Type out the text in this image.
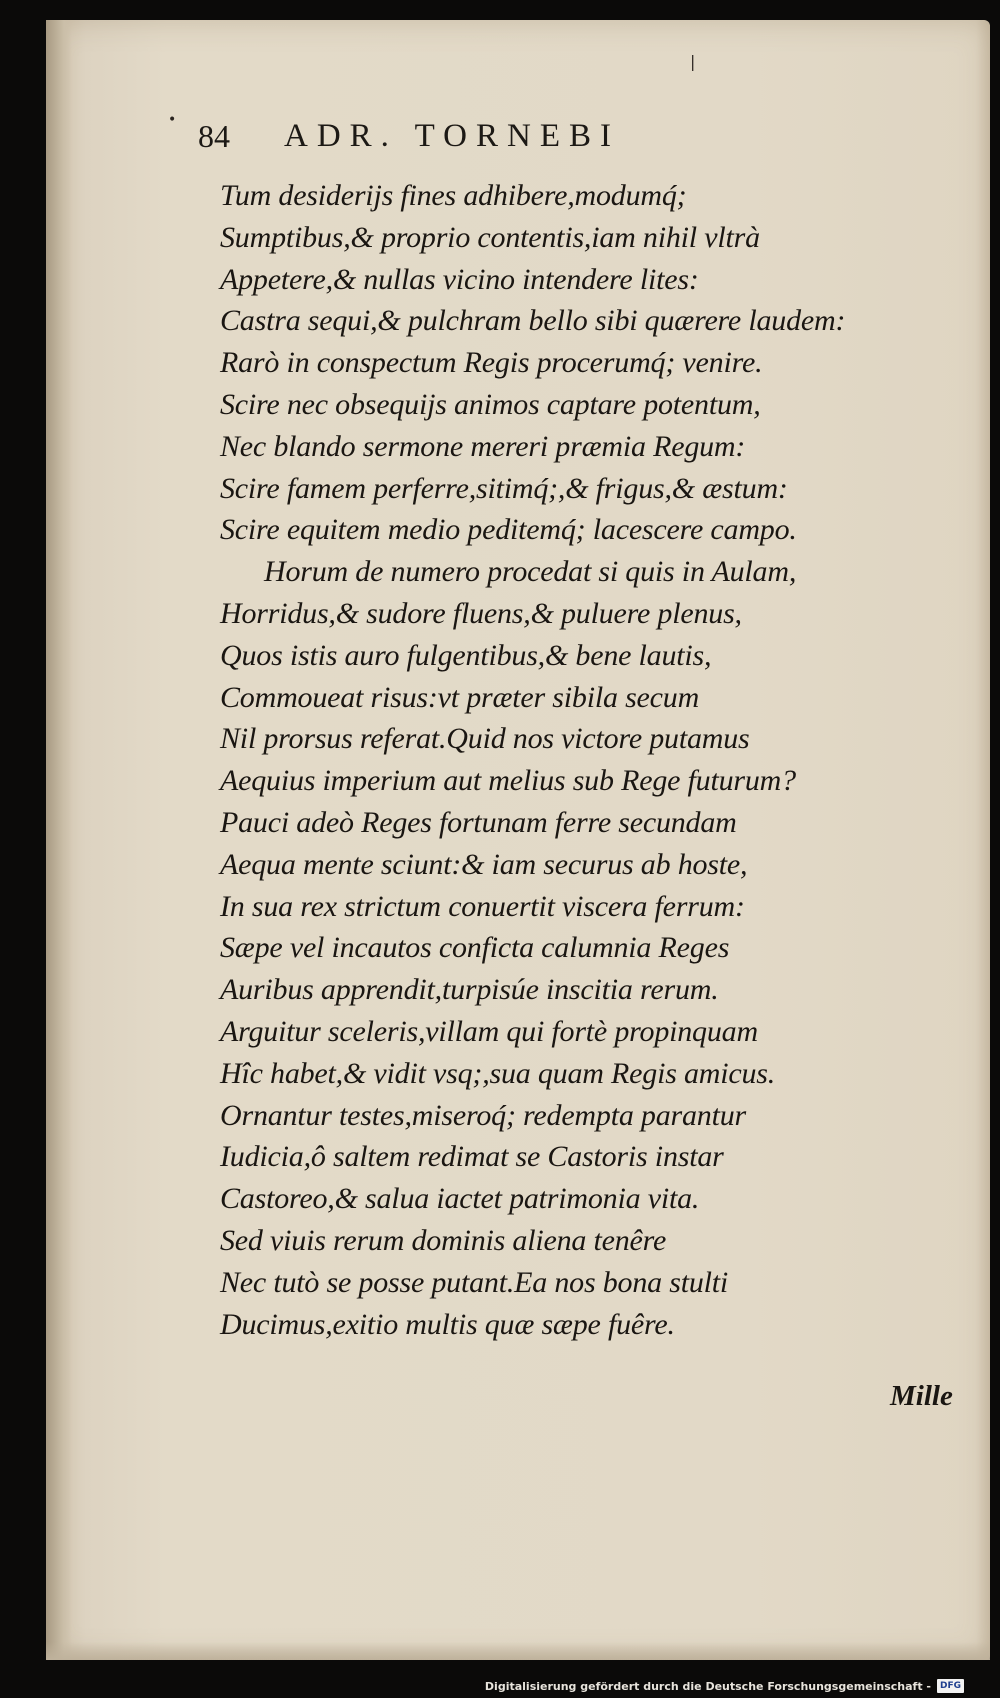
•
|
84 ADR. TORNEBI
Tum desiderijs fines adhibere,modumq́;
Sumptibus,& proprio contentis,iam nihil vltrà
Appetere,& nullas vicino intendere lites:
Castra sequi,& pulchram bello sibi quærere laudem:
Rarò in conspectum Regis procerumq́; venire.
Scire nec obsequijs animos captare potentum,
Nec blando sermone mereri præmia Regum:
Scire famem perferre,sitimq́;,& frigus,& æstum:
Scire equitem medio peditemq́; lacescere campo.
Horum de numero procedat si quis in Aulam,
Horridus,& sudore fluens,& puluere plenus,
Quos istis auro fulgentibus,& bene lautis,
Commoueat risus:vt præter sibila secum
Nil prorsus referat.Quid nos victore putamus
Aequius imperium aut melius sub Rege futurum?
Pauci adeò Reges fortunam ferre secundam
Aequa mente sciunt:& iam securus ab hoste,
In sua rex strictum conuertit viscera ferrum:
Sæpe vel incautos conficta calumnia Reges
Auribus apprendit,turpisúe inscitia rerum.
Arguitur sceleris,villam qui fortè propinquam
Hîc habet,& vidit vsq;,sua quam Regis amicus.
Ornantur testes,miseroq́; redempta parantur
Iudicia,ô saltem redimat se Castoris instar
Castoreo,& salua iactet patrimonia vita.
Sed viuis rerum dominis aliena tenêre
Nec tutò se posse putant.Ea nos bona stulti
Ducimus,exitio multis quæ sæpe fuêre.
Mille
Digitalisierung gefördert durch die Deutsche Forschungsgemeinschaft -	DFG
